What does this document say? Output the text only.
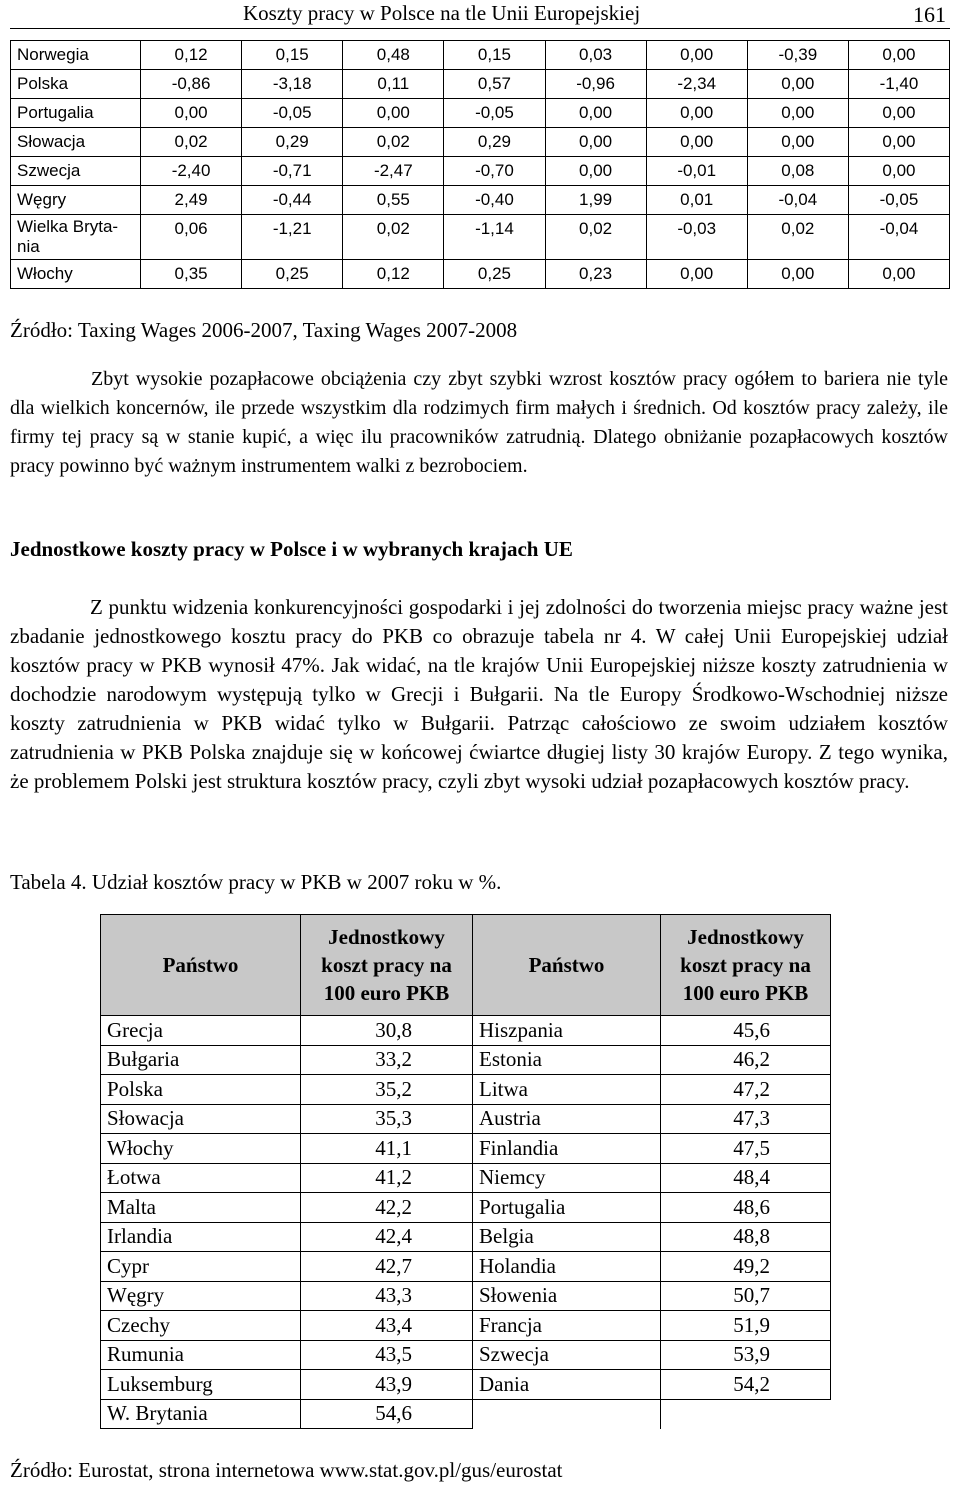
Koszty pracy w Polsce na tle Unii Europejskiej	161
Norwegia	0,12	0,15	0,48	0,15	0,03	0,00	-0,39	0,00
Polska	-0,86	-3,18	0,11	0,57	-0,96	-2,34	0,00	-1,40
Portugalia	0,00	-0,05	0,00	-0,05	0,00	0,00	0,00	0,00
Słowacja	0,02	0,29	0,02	0,29	0,00	0,00	0,00	0,00
Szwecja	-2,40	-0,71	-2,47	-0,70	0,00	-0,01	0,08	0,00
Węgry	2,49	-0,44	0,55	-0,40	1,99	0,01	-0,04	-0,05
Wielka Bryta-nia	0,06	-1,21	0,02	-1,14	0,02	-0,03	0,02	-0,04
Włochy	0,35	0,25	0,12	0,25	0,23	0,00	0,00	0,00
Źródło: Taxing Wages 2006-2007, Taxing Wages 2007-2008

Zbyt wysokie pozapłacowe obciążenia czy zbyt szybki wzrost kosztów pracy ogółem to bariera nie tyle dla wielkich koncernów, ile przede wszystkim dla rodzimych firm małych i średnich. Od kosztów pracy zależy, ile firmy tej pracy są w stanie kupić, a więc ilu pracowników zatrudnią. Dlatego obniżanie pozapłacowych kosztów pracy powinno być ważnym instrumentem walki z bezrobociem.

Jednostkowe koszty pracy w Polsce i w wybranych krajach UE

Z punktu widzenia konkurencyjności gospodarki i jej zdolności do tworzenia miejsc pracy ważne jest zbadanie jednostkowego kosztu pracy do PKB co obrazuje tabela nr 4. W całej Unii Europejskiej udział kosztów pracy w PKB wynosił 47%. Jak widać, na tle krajów Unii Europejskiej niższe koszty zatrudnienia w dochodzie narodowym występują tylko w Grecji i Bułgarii. Na tle Europy Środkowo-Wschodniej niższe koszty zatrudnienia w PKB widać tylko w Bułgarii. Patrząc całościowo ze swoim udziałem kosztów zatrudnienia w PKB Polska znajduje się w końcowej ćwiartce długiej listy 30 krajów Europy. Z tego wynika, że problemem Polski jest struktura kosztów pracy, czyli zbyt wysoki udział pozapłacowych kosztów pracy.

Tabela 4. Udział kosztów pracy w PKB w 2007 roku w %.
Państwo	Jednostkowy koszt pracy na 100 euro PKB	Państwo	Jednostkowy koszt pracy na 100 euro PKB
Grecja	30,8	Hiszpania	45,6
Bułgaria	33,2	Estonia	46,2
Polska	35,2	Litwa	47,2
Słowacja	35,3	Austria	47,3
Włochy	41,1	Finlandia	47,5
Łotwa	41,2	Niemcy	48,4
Malta	42,2	Portugalia	48,6
Irlandia	42,4	Belgia	48,8
Cypr	42,7	Holandia	49,2
Węgry	43,3	Słowenia	50,7
Czechy	43,4	Francja	51,9
Rumunia	43,5	Szwecja	53,9
Luksemburg	43,9	Dania	54,2
W. Brytania	54,6		
Źródło: Eurostat, strona internetowa www.stat.gov.pl/gus/eurostat
